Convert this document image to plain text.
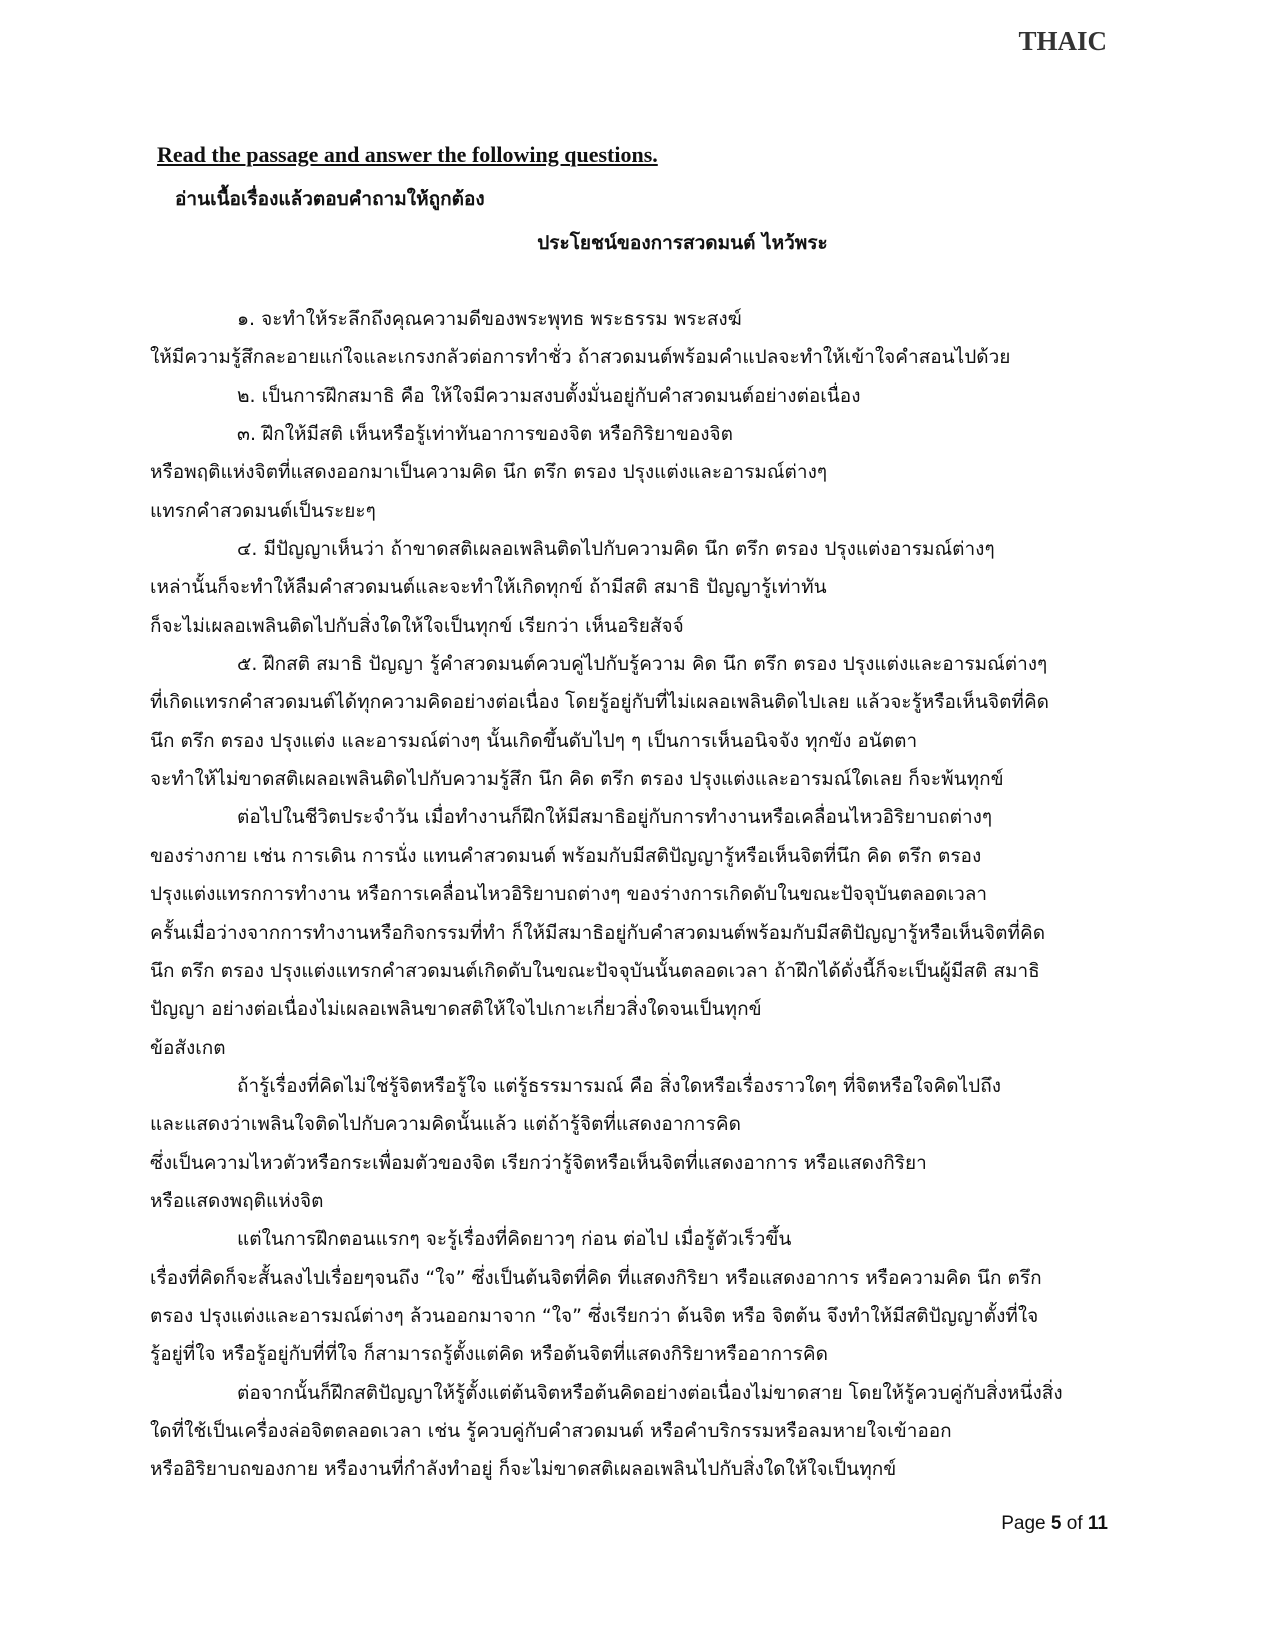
THAIC
Read the passage and answer the following questions.
อ่านเนื้อเรื่องแล้วตอบคำถามให้ถูกต้อง
ประโยชน์ของการสวดมนต์ ไหว้พระ
๑. จะทำให้ระลึกถึงคุณความดีของพระพุทธ พระธรรม พระสงฆ์
ให้มีความรู้สึกละอายแก่ใจและเกรงกลัวต่อการทำชั่ว ถ้าสวดมนต์พร้อมคำแปลจะทำให้เข้าใจคำสอนไปด้วย
๒. เป็นการฝึกสมาธิ คือ ให้ใจมีความสงบตั้งมั่นอยู่กับคำสวดมนต์อย่างต่อเนื่อง
๓. ฝึกให้มีสติ เห็นหรือรู้เท่าทันอาการของจิต หรือกิริยาของจิต
หรือพฤติแห่งจิตที่แสดงออกมาเป็นความคิด นึก ตรึก ตรอง ปรุงแต่งและอารมณ์ต่างๆ
แทรกคำสวดมนต์เป็นระยะๆ
๔. มีปัญญาเห็นว่า ถ้าขาดสติเผลอเพลินติดไปกับความคิด นึก ตรึก ตรอง ปรุงแต่งอารมณ์ต่างๆ
เหล่านั้นก็จะทำให้ลืมคำสวดมนต์และจะทำให้เกิดทุกข์ ถ้ามีสติ สมาธิ ปัญญารู้เท่าทัน
ก็จะไม่เผลอเพลินติดไปกับสิ่งใดให้ใจเป็นทุกข์ เรียกว่า เห็นอริยสัจจ์
๕. ฝึกสติ สมาธิ ปัญญา รู้คำสวดมนต์ควบคู่ไปกับรู้ความ คิด นึก ตรึก ตรอง ปรุงแต่งและอารมณ์ต่างๆ
ที่เกิดแทรกคำสวดมนต์ได้ทุกความคิดอย่างต่อเนื่อง โดยรู้อยู่กับที่ไม่เผลอเพลินติดไปเลย แล้วจะรู้หรือเห็นจิตที่คิด
นึก ตรึก ตรอง ปรุงแต่ง และอารมณ์ต่างๆ นั้นเกิดขึ้นดับไปๆ ๆ เป็นการเห็นอนิจจัง ทุกขัง อนัตตา
จะทำให้ไม่ขาดสติเผลอเพลินติดไปกับความรู้สึก นึก คิด ตรึก ตรอง ปรุงแต่งและอารมณ์ใดเลย ก็จะพ้นทุกข์
ต่อไปในชีวิตประจำวัน เมื่อทำงานก็ฝึกให้มีสมาธิอยู่กับการทำงานหรือเคลื่อนไหวอิริยาบถต่างๆ
ของร่างกาย เช่น การเดิน การนั่ง แทนคำสวดมนต์ พร้อมกับมีสติปัญญารู้หรือเห็นจิตที่นึก คิด ตรึก ตรอง
ปรุงแต่งแทรกการทำงาน หรือการเคลื่อนไหวอิริยาบถต่างๆ ของร่างการเกิดดับในขณะปัจจุบันตลอดเวลา
ครั้นเมื่อว่างจากการทำงานหรือกิจกรรมที่ทำ ก็ให้มีสมาธิอยู่กับคำสวดมนต์พร้อมกับมีสติปัญญารู้หรือเห็นจิตที่คิด
นึก ตรึก ตรอง ปรุงแต่งแทรกคำสวดมนต์เกิดดับในขณะปัจจุบันนั้นตลอดเวลา ถ้าฝึกได้ดั่งนี้ก็จะเป็นผู้มีสติ สมาธิ
ปัญญา อย่างต่อเนื่องไม่เผลอเพลินขาดสติให้ใจไปเกาะเกี่ยวสิ่งใดจนเป็นทุกข์
ข้อสังเกต
ถ้ารู้เรื่องที่คิดไม่ใช่รู้จิตหรือรู้ใจ แต่รู้ธรรมารมณ์ คือ สิ่งใดหรือเรื่องราวใดๆ ที่จิตหรือใจคิดไปถึง
และแสดงว่าเพลินใจติดไปกับความคิดนั้นแล้ว แต่ถ้ารู้จิตที่แสดงอาการคิด
ซึ่งเป็นความไหวตัวหรือกระเพื่อมตัวของจิต เรียกว่ารู้จิตหรือเห็นจิตที่แสดงอาการ หรือแสดงกิริยา
หรือแสดงพฤติแห่งจิต
แต่ในการฝึกตอนแรกๆ จะรู้เรื่องที่คิดยาวๆ ก่อน ต่อไป เมื่อรู้ตัวเร็วขึ้น
เรื่องที่คิดก็จะสั้นลงไปเรื่อยๆจนถึง “ใจ” ซึ่งเป็นต้นจิตที่คิด ที่แสดงกิริยา หรือแสดงอาการ หรือความคิด นึก ตรึก
ตรอง ปรุงแต่งและอารมณ์ต่างๆ ล้วนออกมาจาก “ใจ” ซึ่งเรียกว่า ต้นจิต หรือ จิตต้น จึงทำให้มีสติปัญญาตั้งที่ใจ
รู้อยู่ที่ใจ หรือรู้อยู่กับที่ที่ใจ ก็สามารถรู้ตั้งแต่คิด หรือต้นจิตที่แสดงกิริยาหรืออาการคิด
ต่อจากนั้นก็ฝึกสติปัญญาให้รู้ตั้งแต่ต้นจิตหรือต้นคิดอย่างต่อเนื่องไม่ขาดสาย โดยให้รู้ควบคู่กับสิ่งหนึ่งสิ่ง
ใดที่ใช้เป็นเครื่องล่อจิตตลอดเวลา เช่น รู้ควบคู่กับคำสวดมนต์ หรือคำบริกรรมหรือลมหายใจเข้าออก
หรืออิริยาบถของกาย หรืองานที่กำลังทำอยู่ ก็จะไม่ขาดสติเผลอเพลินไปกับสิ่งใดให้ใจเป็นทุกข์
Page 5 of 11
